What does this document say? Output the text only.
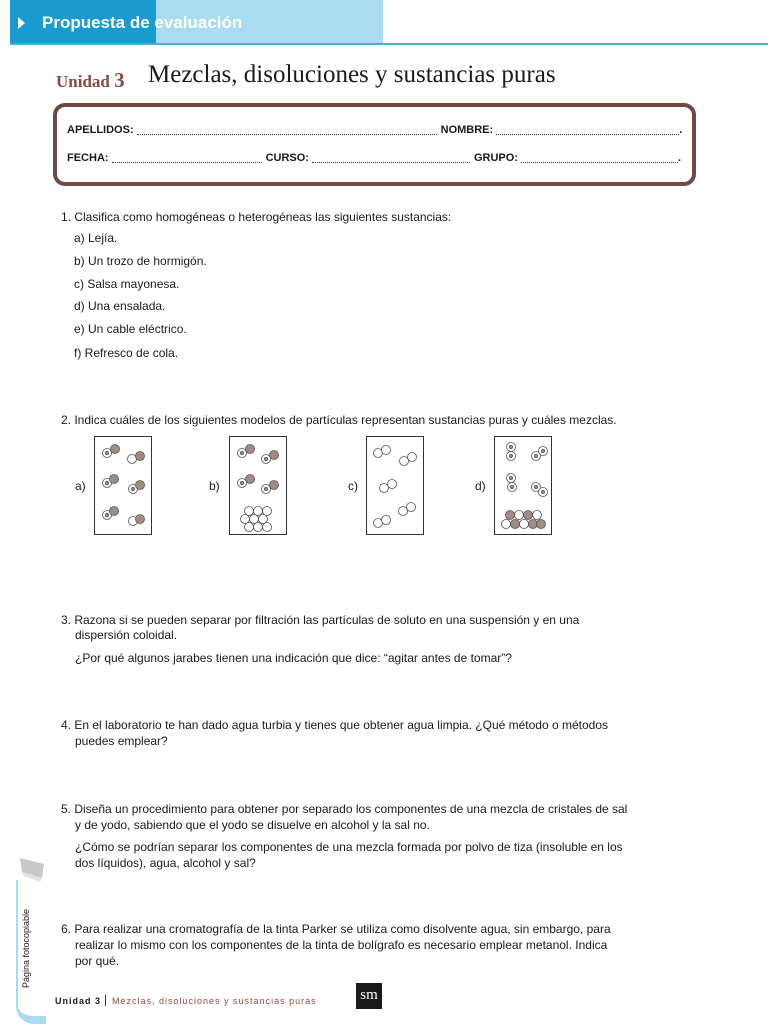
Propuesta de evaluación
Unidad 3 Mezclas, disoluciones y sustancias puras
APELLIDOS:	NOMBRE:	.
FECHA:	CURSO:	GRUPO:	.
1. Clasifica como homogéneas o heterogéneas las siguientes sustancias:
a) Lejía.
b) Un trozo de hormigón.
c) Salsa mayonesa.
d) Una ensalada.
e) Un cable eléctrico.
f) Refresco de cola.
2. Indica cuáles de los siguientes modelos de partículas representan sustancias puras y cuáles mezclas.
a)	b)	c)	d)
3. Razona si se pueden separar por filtración las partículas de soluto en una suspensión y en una
dispersión coloidal.
¿Por qué algunos jarabes tienen una indicación que dice: “agitar antes de tomar”?
4. En el laboratorio te han dado agua turbia y tienes que obtener agua limpia. ¿Qué método o métodos
puedes emplear?
5. Diseña un procedimiento para obtener por separado los componentes de una mezcla de cristales de sal
y de yodo, sabiendo que el yodo se disuelve en alcohol y la sal no.
¿Cómo se podrían separar los componentes de una mezcla formada por polvo de tiza (insoluble en los
dos líquidos), agua, alcohol y sal?
6. Para realizar una cromatografía de la tinta Parker se utiliza como disolvente agua, sin embargo, para
realizar lo mismo con los componentes de la tinta de bolígrafo es necesario emplear metanol. Indica
por qué.
Página fotocopiable
Unidad 3 Mezclas, disoluciones y sustancias puras	sm
